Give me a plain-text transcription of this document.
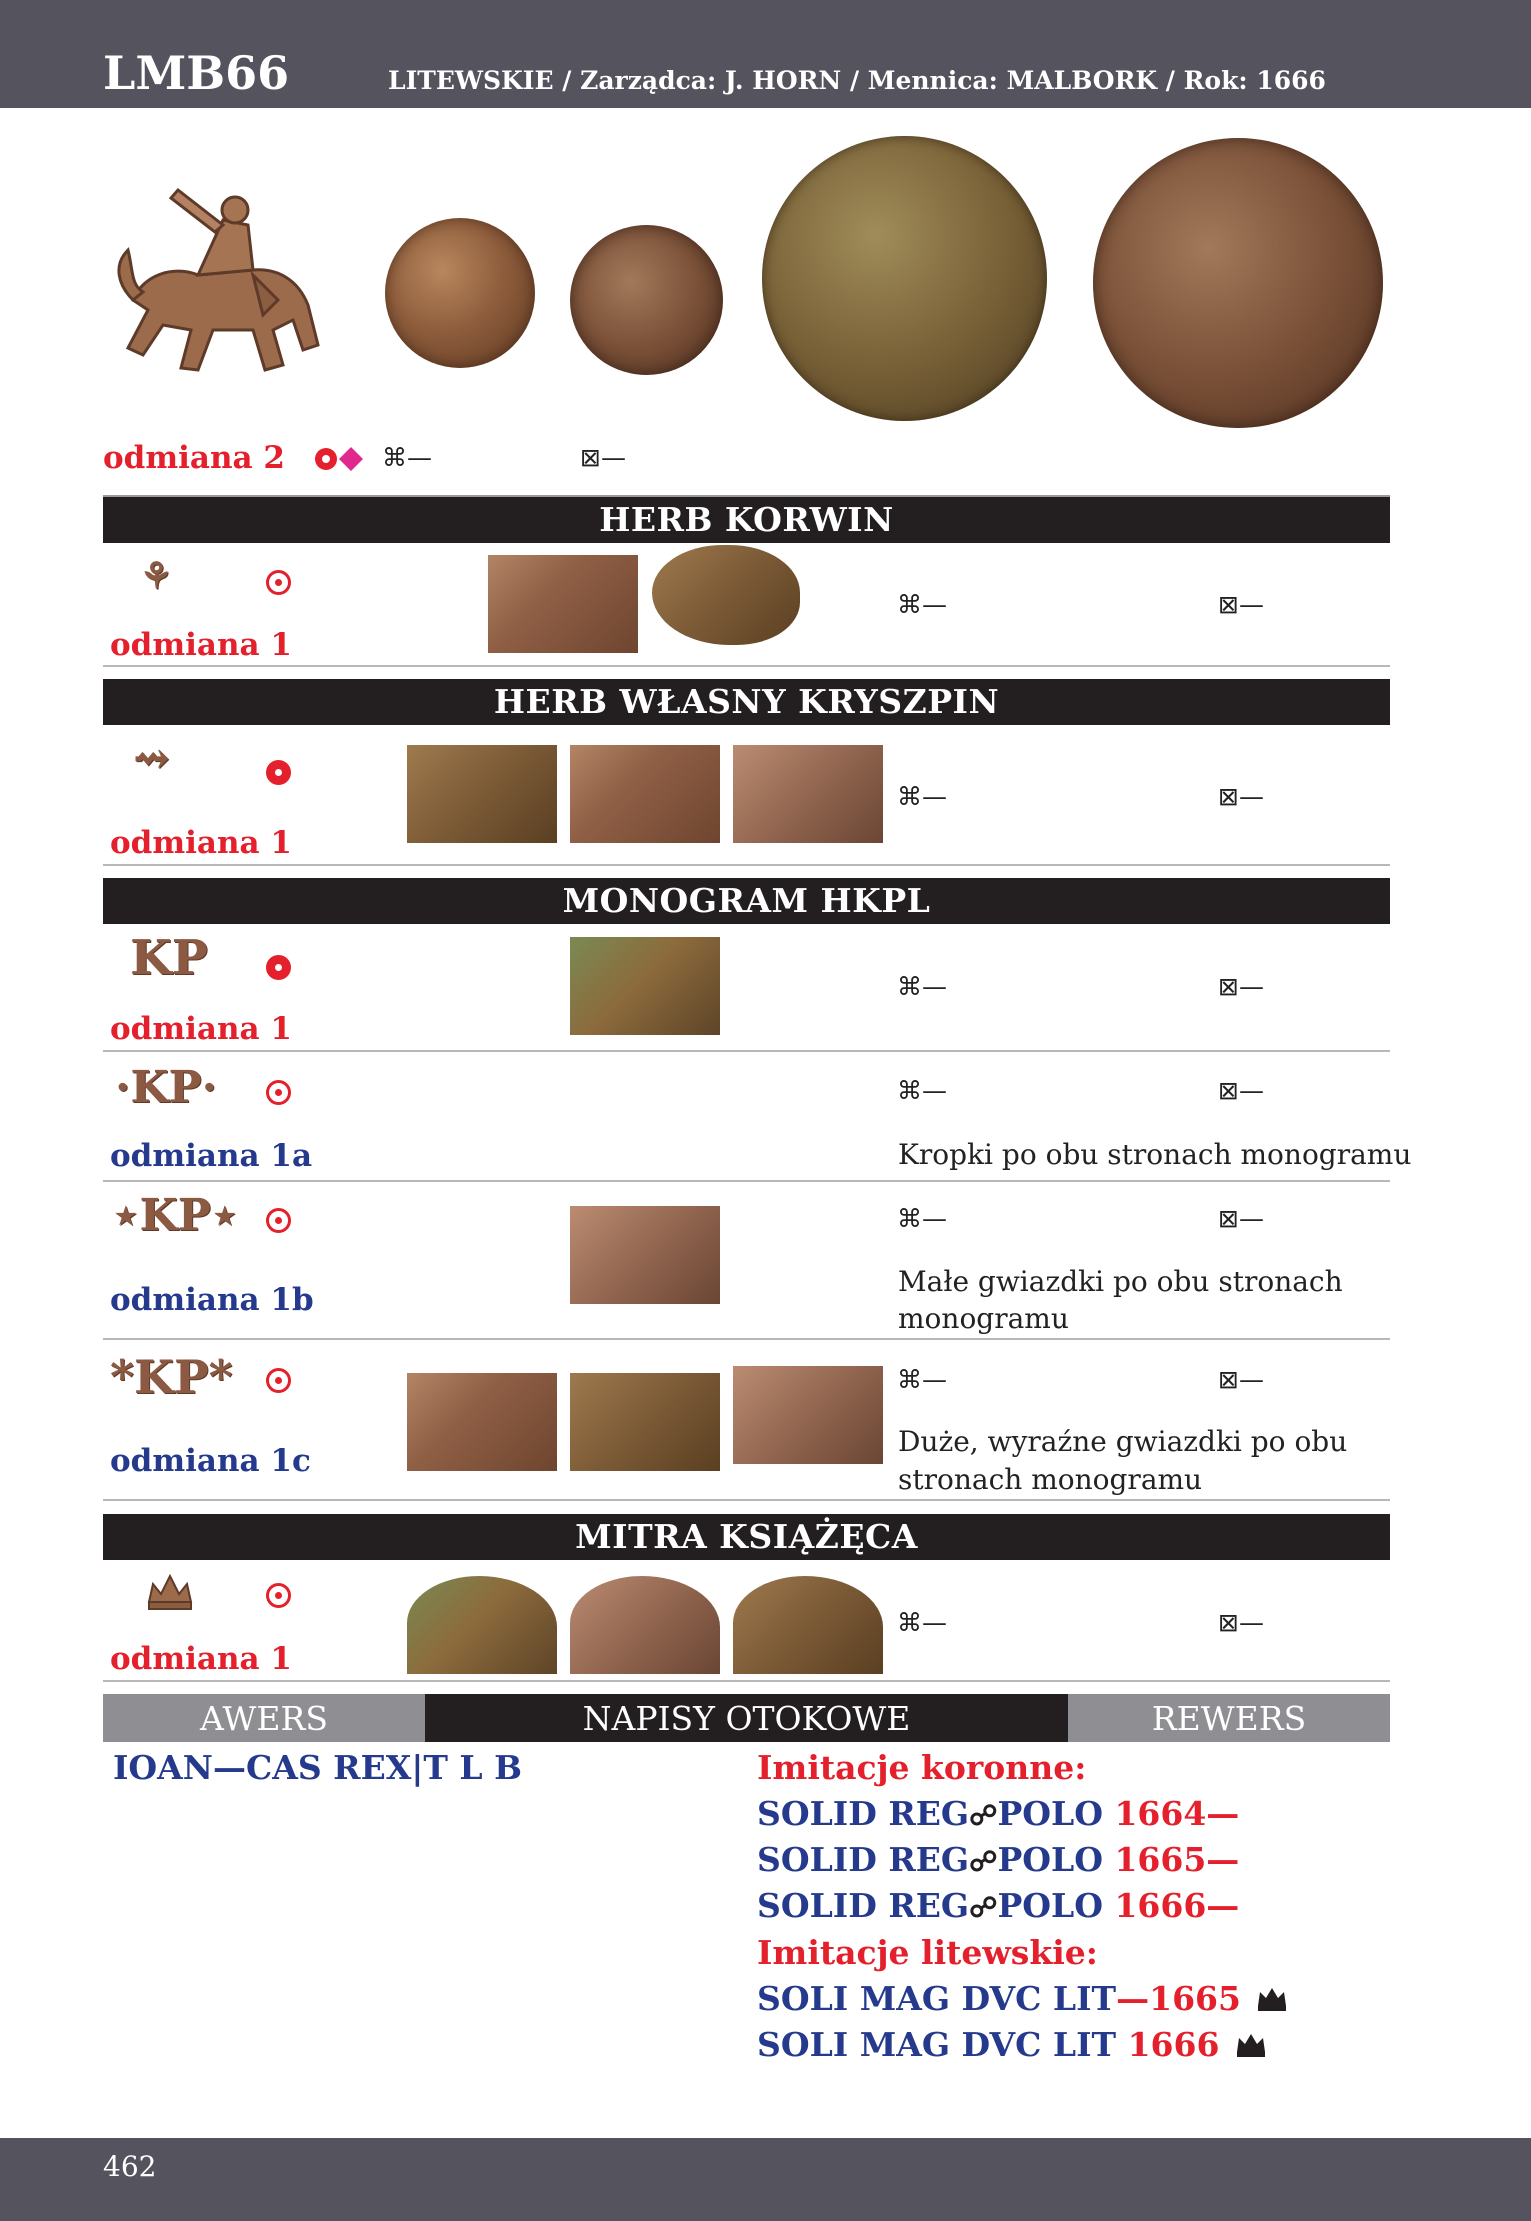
LMB66	LITEWSKIE / Zarządca: J. HORN / Mennica: MALBORK / Rok: 1666
odmiana 2	⌘—	⊠—
HERB KORWIN
⚘
⌘—	⊠—
odmiana 1
HERB WŁASNY KRYSZPIN
⇝
⌘—	⊠—
odmiana 1
MONOGRAM HKPL
KP
⌘—	⊠—
odmiana 1
·KP·	⌘—	⊠—
odmiana 1a	Kropki po obu stronach monogramu
⋆KP⋆	⌘—	⊠—
odmiana 1b
Małe gwiazdki po obu stronach
monogramu
*KP*	⌘—	⊠—
odmiana 1c
Duże, wyraźne gwiazdki po obu
stronach monogramu
MITRA KSIĄŻĘCA
⌘—	⊠—
odmiana 1
AWERS	NAPISY OTOKOWE	REWERS
IOAN—CAS REX|T L B	Imitacje koronne:
SOLID REG☍POLO 1664—
SOLID REG☍POLO 1665—
SOLID REG☍POLO 1666—
Imitacje litewskie:
SOLI MAG DVC LIT—1665
SOLI MAG DVC LIT 1666
462
